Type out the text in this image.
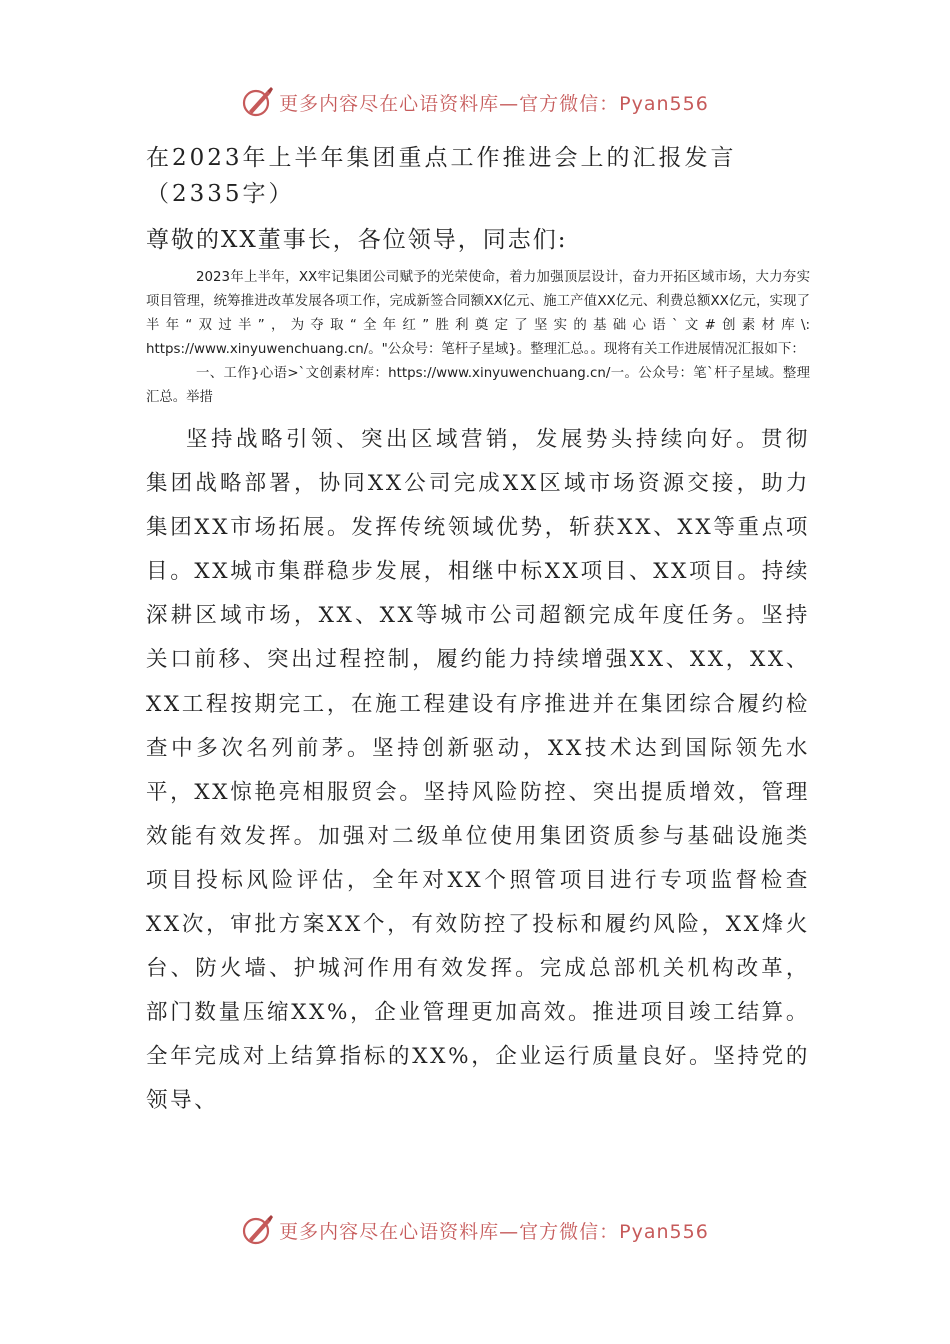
更多内容尽在心语资料库—官方微信：Pyan556
在2023年上半年集团重点工作推进会上的汇报发言（2335字）
尊敬的XX董事长，各位领导，同志们:

2023年上半年，XX牢记集团公司赋予的光荣使命，着力加强顶层设计，奋力开拓区域市场，大力夯实项目管理，统筹推进改革发展各项工作，完成新签合同额XX亿元、施工产值XX亿元、利费总额XX亿元，实现了半年“双过半”，为夺取“全年红”胜利奠定了坚实的基础心语`文#创素材库\: https://www.xinyuwenchuang.cn/。"公众号：笔杆子星域}。整理汇总。。现将有关工作进展情况汇报如下：

一、工作}心语>`文创素材库：https://www.xinyuwenchuang.cn/一。公众号：笔`杆子星域。整理汇总。举措

坚持战略引领、突出区域营销，发展势头持续向好。贯彻集团战略部署，协同XX公司完成XX区域市场资源交接，助力集团XX市场拓展。发挥传统领域优势，斩获XX、XX等重点项目。XX城市集群稳步发展，相继中标XX项目、XX项目。持续深耕区域市场，XX、XX等城市公司超额完成年度任务。坚持关口前移、突出过程控制，履约能力持续增强XX、XX，XX、XX工程按期完工，在施工程建设有序推进并在集团综合履约检查中多次名列前茅。坚持创新驱动，XX技术达到国际领先水平，XX惊艳亮相服贸会。坚持风险防控、突出提质增效，管理效能有效发挥。加强对二级单位使用集团资质参与基础设施类项目投标风险评估，全年对XX个照管项目进行专项监督检查XX次，审批方案XX个，有效防控了投标和履约风险，XX烽火台、防火墙、护城河作用有效发挥。完成总部机关机构改革，部门数量压缩XX%，企业管理更加高效。推进项目竣工结算。全年完成对上结算指标的XX%，企业运行质量良好。坚持党的领导、

更多内容尽在心语资料库—官方微信：Pyan556
